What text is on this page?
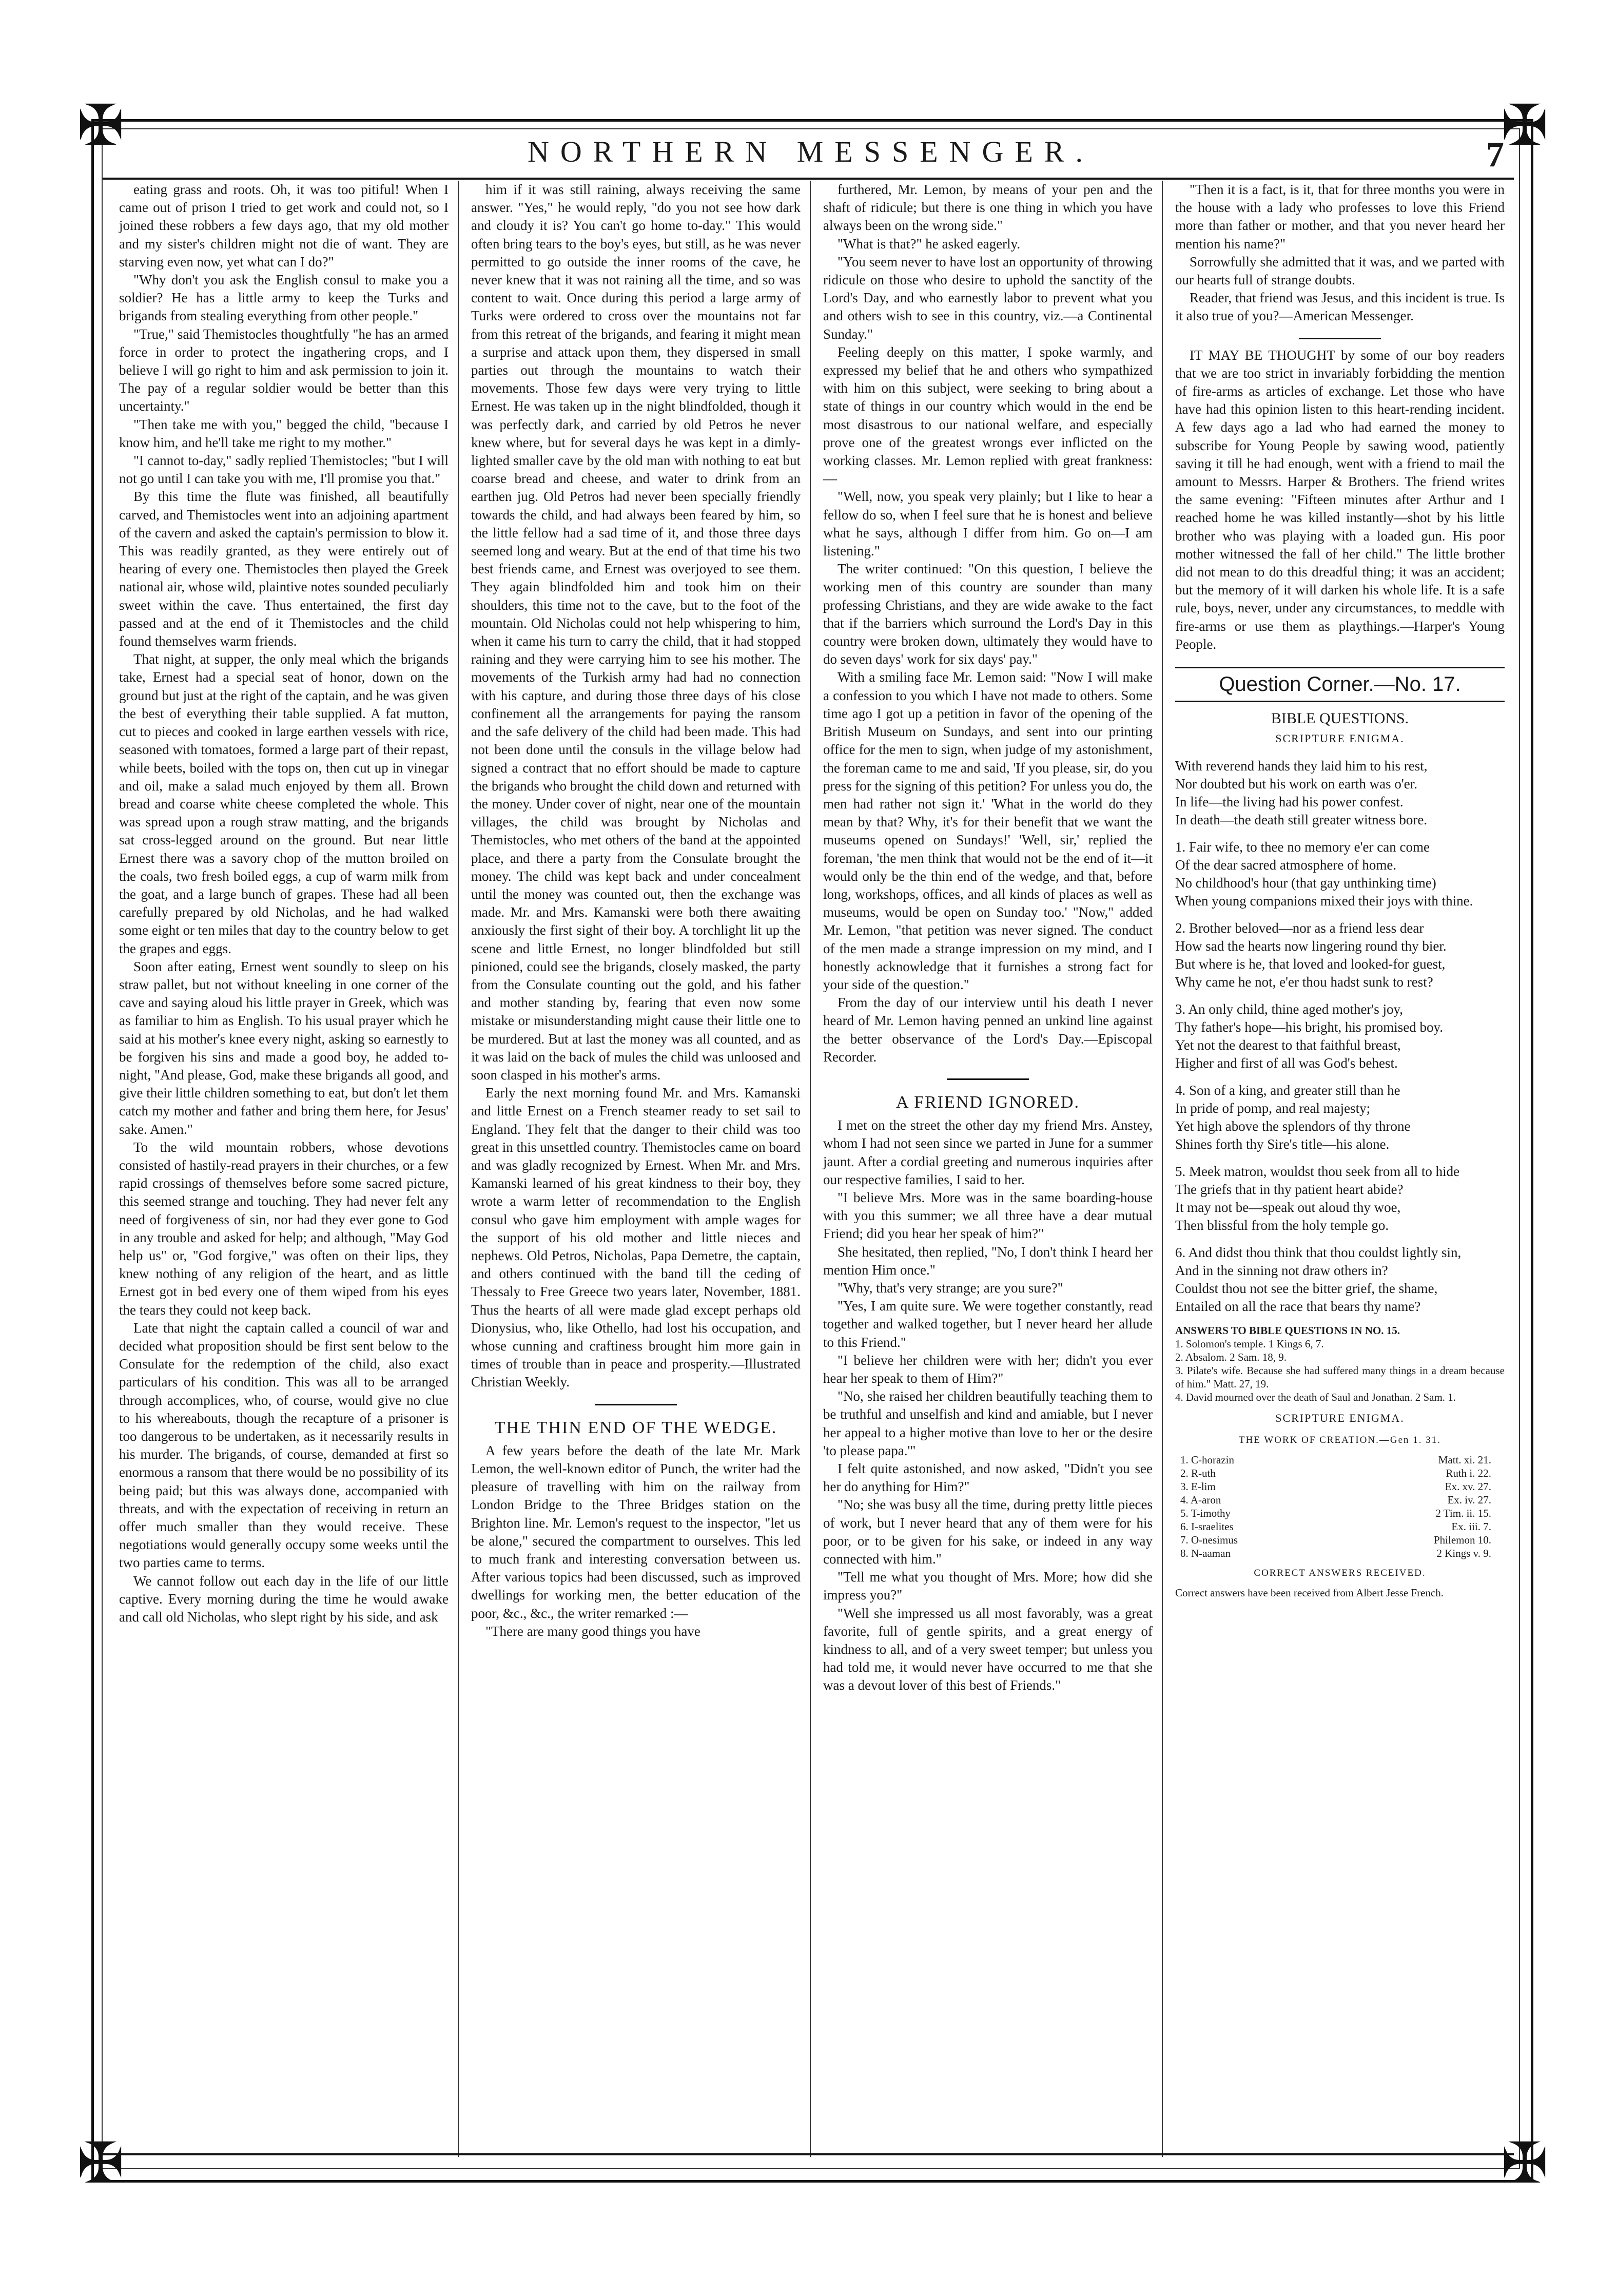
✠	✠
✠	✠
NORTHERN MESSENGER.	7

eating grass and roots. Oh, it was too pitiful! When I came out of prison I tried to get work and could not, so I joined these robbers a few days ago, that my old mother and my sister's children might not die of want. They are starving even now, yet what can I do?"

"Why don't you ask the English consul to make you a soldier? He has a little army to keep the Turks and brigands from stealing everything from other people."

"True," said Themistocles thoughtfully "he has an armed force in order to protect the ingathering crops, and I believe I will go right to him and ask permission to join it. The pay of a regular soldier would be better than this uncertainty."

"Then take me with you," begged the child, "because I know him, and he'll take me right to my mother."

"I cannot to-day," sadly replied Themistocles; "but I will not go until I can take you with me, I'll promise you that."

By this time the flute was finished, all beautifully carved, and Themistocles went into an adjoining apartment of the cavern and asked the captain's permission to blow it. This was readily granted, as they were entirely out of hearing of every one. Themistocles then played the Greek national air, whose wild, plaintive notes sounded peculiarly sweet within the cave. Thus entertained, the first day passed and at the end of it Themistocles and the child found themselves warm friends.

That night, at supper, the only meal which the brigands take, Ernest had a special seat of honor, down on the ground but just at the right of the captain, and he was given the best of everything their table supplied. A fat mutton, cut to pieces and cooked in large earthen vessels with rice, seasoned with tomatoes, formed a large part of their repast, while beets, boiled with the tops on, then cut up in vinegar and oil, make a salad much enjoyed by them all. Brown bread and coarse white cheese completed the whole. This was spread upon a rough straw matting, and the brigands sat cross-legged around on the ground. But near little Ernest there was a savory chop of the mutton broiled on the coals, two fresh boiled eggs, a cup of warm milk from the goat, and a large bunch of grapes. These had all been carefully prepared by old Nicholas, and he had walked some eight or ten miles that day to the country below to get the grapes and eggs.

Soon after eating, Ernest went soundly to sleep on his straw pallet, but not without kneeling in one corner of the cave and saying aloud his little prayer in Greek, which was as familiar to him as English. To his usual prayer which he said at his mother's knee every night, asking so earnestly to be forgiven his sins and made a good boy, he added to-night, "And please, God, make these brigands all good, and give their little children something to eat, but don't let them catch my mother and father and bring them here, for Jesus' sake. Amen."

To the wild mountain robbers, whose devotions consisted of hastily-read prayers in their churches, or a few rapid crossings of themselves before some sacred picture, this seemed strange and touching. They had never felt any need of forgiveness of sin, nor had they ever gone to God in any trouble and asked for help; and although, "May God help us" or, "God forgive," was often on their lips, they knew nothing of any religion of the heart, and as little Ernest got in bed every one of them wiped from his eyes the tears they could not keep back.

Late that night the captain called a council of war and decided what proposition should be first sent below to the Consulate for the redemption of the child, also exact particulars of his condition. This was all to be arranged through accomplices, who, of course, would give no clue to his whereabouts, though the recapture of a prisoner is too dangerous to be undertaken, as it necessarily results in his murder. The brigands, of course, demanded at first so enormous a ransom that there would be no possibility of its being paid; but this was always done, accompanied with threats, and with the expectation of receiving in return an offer much smaller than they would receive. These negotiations would generally occupy some weeks until the two parties came to terms.

We cannot follow out each day in the life of our little captive. Every morning during the time he would awake and call old Nicholas, who slept right by his side, and ask

him if it was still raining, always receiving the same answer. "Yes," he would reply, "do you not see how dark and cloudy it is? You can't go home to-day." This would often bring tears to the boy's eyes, but still, as he was never permitted to go outside the inner rooms of the cave, he never knew that it was not raining all the time, and so was content to wait. Once during this period a large army of Turks were ordered to cross over the mountains not far from this retreat of the brigands, and fearing it might mean a surprise and attack upon them, they dispersed in small parties out through the mountains to watch their movements. Those few days were very trying to little Ernest. He was taken up in the night blindfolded, though it was perfectly dark, and carried by old Petros he never knew where, but for several days he was kept in a dimly-lighted smaller cave by the old man with nothing to eat but coarse bread and cheese, and water to drink from an earthen jug. Old Petros had never been specially friendly towards the child, and had always been feared by him, so the little fellow had a sad time of it, and those three days seemed long and weary. But at the end of that time his two best friends came, and Ernest was overjoyed to see them. They again blindfolded him and took him on their shoulders, this time not to the cave, but to the foot of the mountain. Old Nicholas could not help whispering to him, when it came his turn to carry the child, that it had stopped raining and they were carrying him to see his mother. The movements of the Turkish army had had no connection with his capture, and during those three days of his close confinement all the arrangements for paying the ransom and the safe delivery of the child had been made. This had not been done until the consuls in the village below had signed a contract that no effort should be made to capture the brigands who brought the child down and returned with the money. Under cover of night, near one of the mountain villages, the child was brought by Nicholas and Themistocles, who met others of the band at the appointed place, and there a party from the Consulate brought the money. The child was kept back and under concealment until the money was counted out, then the exchange was made. Mr. and Mrs. Kamanski were both there awaiting anxiously the first sight of their boy. A torchlight lit up the scene and little Ernest, no longer blindfolded but still pinioned, could see the brigands, closely masked, the party from the Consulate counting out the gold, and his father and mother standing by, fearing that even now some mistake or misunderstanding might cause their little one to be murdered. But at last the money was all counted, and as it was laid on the back of mules the child was unloosed and soon clasped in his mother's arms.

Early the next morning found Mr. and Mrs. Kamanski and little Ernest on a French steamer ready to set sail to England. They felt that the danger to their child was too great in this unsettled country. Themistocles came on board and was gladly recognized by Ernest. When Mr. and Mrs. Kamanski learned of his great kindness to their boy, they wrote a warm letter of recommendation to the English consul who gave him employment with ample wages for the support of his old mother and little nieces and nephews. Old Petros, Nicholas, Papa Demetre, the captain, and others continued with the band till the ceding of Thessaly to Free Greece two years later, November, 1881. Thus the hearts of all were made glad except perhaps old Dionysius, who, like Othello, had lost his occupation, and whose cunning and craftiness brought him more gain in times of trouble than in peace and prosperity.—Illustrated Christian Weekly.

THE THIN END OF THE WEDGE.

A few years before the death of the late Mr. Mark Lemon, the well-known editor of Punch, the writer had the pleasure of travelling with him on the railway from London Bridge to the Three Bridges station on the Brighton line. Mr. Lemon's request to the inspector, "let us be alone," secured the compartment to ourselves. This led to much frank and interesting conversation between us. After various topics had been discussed, such as improved dwellings for working men, the better education of the poor, &c., &c., the writer remarked :—

"There are many good things you have

furthered, Mr. Lemon, by means of your pen and the shaft of ridicule; but there is one thing in which you have always been on the wrong side."

"What is that?" he asked eagerly.

"You seem never to have lost an opportunity of throwing ridicule on those who desire to uphold the sanctity of the Lord's Day, and who earnestly labor to prevent what you and others wish to see in this country, viz.—a Continental Sunday."

Feeling deeply on this matter, I spoke warmly, and expressed my belief that he and others who sympathized with him on this subject, were seeking to bring about a state of things in our country which would in the end be most disastrous to our national welfare, and especially prove one of the greatest wrongs ever inflicted on the working classes. Mr. Lemon replied with great frankness:—

"Well, now, you speak very plainly; but I like to hear a fellow do so, when I feel sure that he is honest and believe what he says, although I differ from him. Go on—I am listening."

The writer continued: "On this question, I believe the working men of this country are sounder than many professing Christians, and they are wide awake to the fact that if the barriers which surround the Lord's Day in this country were broken down, ultimately they would have to do seven days' work for six days' pay."

With a smiling face Mr. Lemon said: "Now I will make a confession to you which I have not made to others. Some time ago I got up a petition in favor of the opening of the British Museum on Sundays, and sent into our printing office for the men to sign, when judge of my astonishment, the foreman came to me and said, 'If you please, sir, do you press for the signing of this petition? For unless you do, the men had rather not sign it.' 'What in the world do they mean by that? Why, it's for their benefit that we want the museums opened on Sundays!' 'Well, sir,' replied the foreman, 'the men think that would not be the end of it—it would only be the thin end of the wedge, and that, before long, workshops, offices, and all kinds of places as well as museums, would be open on Sunday too.' "Now," added Mr. Lemon, "that petition was never signed. The conduct of the men made a strange impression on my mind, and I honestly acknowledge that it furnishes a strong fact for your side of the question."

From the day of our interview until his death I never heard of Mr. Lemon having penned an unkind line against the better observance of the Lord's Day.—Episcopal Recorder.

A FRIEND IGNORED.

I met on the street the other day my friend Mrs. Anstey, whom I had not seen since we parted in June for a summer jaunt. After a cordial greeting and numerous inquiries after our respective families, I said to her.

"I believe Mrs. More was in the same boarding-house with you this summer; we all three have a dear mutual Friend; did you hear her speak of him?"

She hesitated, then replied, "No, I don't think I heard her mention Him once."

"Why, that's very strange; are you sure?"

"Yes, I am quite sure. We were together constantly, read together and walked together, but I never heard her allude to this Friend."

"I believe her children were with her; didn't you ever hear her speak to them of Him?"

"No, she raised her children beautifully teaching them to be truthful and unselfish and kind and amiable, but I never her appeal to a higher motive than love to her or the desire 'to please papa.'"

I felt quite astonished, and now asked, "Didn't you see her do anything for Him?"

"No; she was busy all the time, during pretty little pieces of work, but I never heard that any of them were for his poor, or to be given for his sake, or indeed in any way connected with him."

"Tell me what you thought of Mrs. More; how did she impress you?"

"Well she impressed us all most favorably, was a great favorite, full of gentle spirits, and a great energy of kindness to all, and of a very sweet temper; but unless you had told me, it would never have occurred to me that she was a devout lover of this best of Friends."

"Then it is a fact, is it, that for three months you were in the house with a lady who professes to love this Friend more than father or mother, and that you never heard her mention his name?"

Sorrowfully she admitted that it was, and we parted with our hearts full of strange doubts.

Reader, that friend was Jesus, and this incident is true. Is it also true of you?—American Messenger.

IT MAY BE THOUGHT by some of our boy readers that we are too strict in invariably forbidding the mention of fire-arms as articles of exchange. Let those who have have had this opinion listen to this heart-rending incident. A few days ago a lad who had earned the money to subscribe for Young People by sawing wood, patiently saving it till he had enough, went with a friend to mail the amount to Messrs. Harper & Brothers. The friend writes the same evening: "Fifteen minutes after Arthur and I reached home he was killed instantly—shot by his little brother who was playing with a loaded gun. His poor mother witnessed the fall of her child." The little brother did not mean to do this dreadful thing; it was an accident; but the memory of it will darken his whole life. It is a safe rule, boys, never, under any circumstances, to meddle with fire-arms or use them as playthings.—Harper's Young People.

Question Corner.—No. 17.
BIBLE QUESTIONS.
SCRIPTURE ENIGMA.
With reverend hands they laid him to his rest,
Nor doubted but his work on earth was o'er.
In life—the living had his power confest.
In death—the death still greater witness bore.
1. Fair wife, to thee no memory e'er can come
Of the dear sacred atmosphere of home.
No childhood's hour (that gay unthinking time)
When young companions mixed their joys with thine.
2. Brother beloved—nor as a friend less dear
How sad the hearts now lingering round thy bier.
But where is he, that loved and looked-for guest,
Why came he not, e'er thou hadst sunk to rest?
3. An only child, thine aged mother's joy,
Thy father's hope—his bright, his promised boy.
Yet not the dearest to that faithful breast,
Higher and first of all was God's behest.
4. Son of a king, and greater still than he
In pride of pomp, and real majesty;
Yet high above the splendors of thy throne
Shines forth thy Sire's title—his alone.
5. Meek matron, wouldst thou seek from all to hide
The griefs that in thy patient heart abide?
It may not be—speak out aloud thy woe,
Then blissful from the holy temple go.
6. And didst thou think that thou couldst lightly sin,
And in the sinning not draw others in?
Couldst thou not see the bitter grief, the shame,
Entailed on all the race that bears thy name?
ANSWERS TO BIBLE QUESTIONS IN NO. 15.
1. Solomon's temple. 1 Kings 6, 7.
2. Absalom. 2 Sam. 18, 9.
3. Pilate's wife. Because she had suffered many things in a dream because of him." Matt. 27, 19.
4. David mourned over the death of Saul and Jonathan. 2 Sam. 1.
SCRIPTURE ENIGMA.
THE WORK OF CREATION.—Gen 1. 31.
1. C-horazin	Matt. xi. 21.
2. R-uth	Ruth i. 22.
3. E-lim	Ex. xv. 27.
4. A-aron	Ex. iv. 27.
5. T-imothy	2 Tim. ii. 15.
6. I-sraelites	Ex. iii. 7.
7. O-nesimus	Philemon 10.
8. N-aaman	2 Kings v. 9.
CORRECT ANSWERS RECEIVED.
Correct answers have been received from Albert Jesse French.
